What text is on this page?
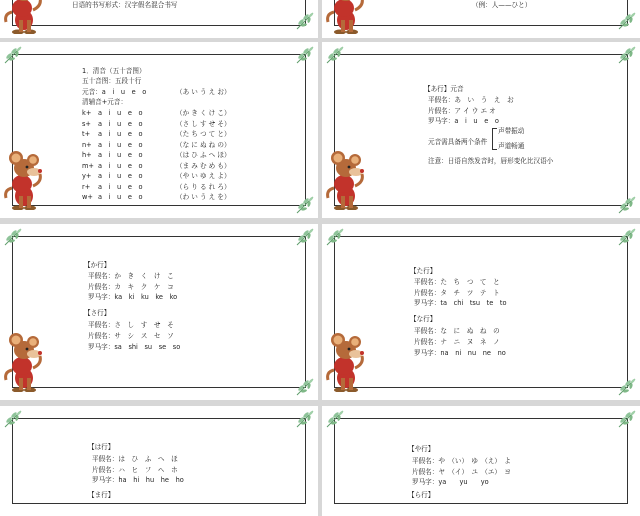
日语的书写形式：汉字假名混合书写	（例：人——ひと）
1．清音（五十音图）
五十音图：五段十行
元音：a　i　u　e　o	（あ い う え お）
清辅音+元音：
k+ a　i　u　e　o	（か き く け こ）
s+ a　i　u　e　o	（さ し す せ そ）
t+ a　i　u　e　o	（た ち つ て と）
n+ a　i　u　e　o	（な に ぬ ね の）
h+ a　i　u　e　o	（は ひ ふ へ ほ）
m+ a　i　u　e　o	（ま み む め も）
y+ a　i　u　e　o	（や い ゆ え よ）
r+ a　i　u　e　o	（ら り る れ ろ）
w+ a　i　u　e　o	（わ い う え を）
【あ行】元音
平假名：あ　い　う　え　お
片假名：ア イ ウ エ オ
罗马字：a　i　u　e　o
元音需具备两个条件
声带振动
声道畅通
注意：日语自然发音时，唇形变化比汉语小
【か行】
平假名：か　き　く　け　こ
片假名：カ　キ　ク　ケ　コ
罗马字：ka　ki　ku　ke　ko
【さ行】
平假名：さ　し　す　せ　そ
片假名：サ　シ　ス　セ　ソ
罗马字：sa　shi　su　se　so
【た行】
平假名：た　ち　つ　て　と
片假名：タ　チ　ツ　テ　ト
罗马字：ta　chi　tsu　te　to
【な行】
平假名：な　に　ぬ　ね　の
片假名：ナ　ニ　ヌ　ネ　ノ
罗马字：na　ni　nu　ne　no
【は行】
平假名：は　ひ　ふ　へ　ほ
片假名：ハ　ヒ　フ　ヘ　ホ
罗马字：ha　hi　hu　he　ho
【ま行】
【や行】
平假名：や　（い）　ゆ　（え）　よ
片假名：ヤ　（イ）　ユ　（エ）　ヨ
罗马字：ya　　yu　　yo
【ら行】
